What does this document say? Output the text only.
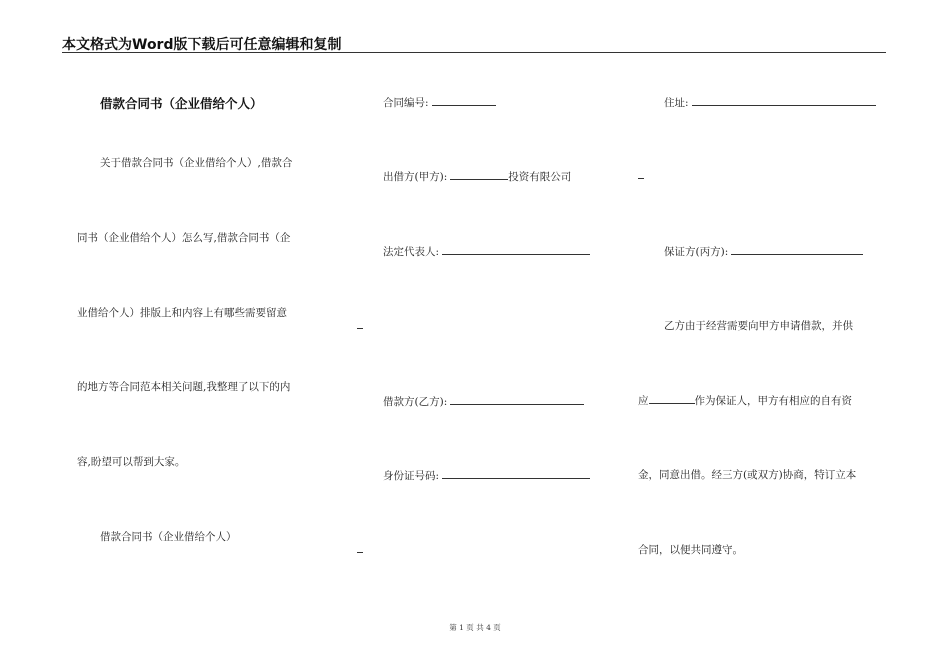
本文格式为Word版下载后可任意编辑和复制
借款合同书（企业借给个人）
关于借款合同书（企业借给个人）,借款合
同书（企业借给个人）怎么写,借款合同书（企
业借给个人）排版上和内容上有哪些需要留意
的地方等合同范本相关问题,我整理了以下的内
容,盼望可以帮到大家。
借款合同书（企业借给个人）
合同编号:
出借方(甲方):	投资有限公司
法定代表人:
借款方(乙方):
身份证号码:
住址:
保证方(丙方):
乙方由于经营需要向甲方申请借款，并供
应	作为保证人，甲方有相应的自有资
金，同意出借。经三方(或双方)协商，特订立本
合同，以便共同遵守。
第 1 页 共 4 页
